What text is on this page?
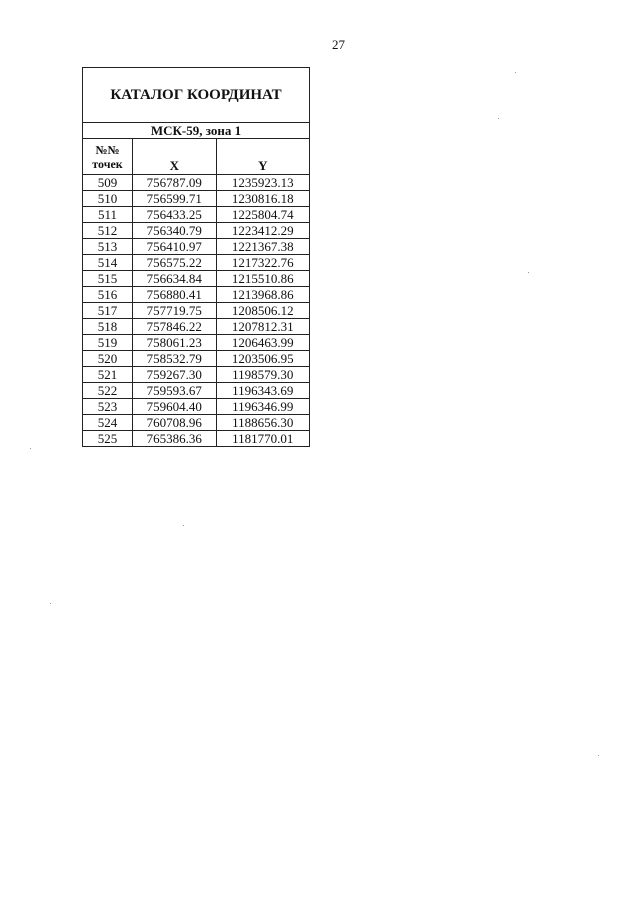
27
КАТАЛОГ КООРДИНАТ		
МСК-59, зона 1		

№№
точек	X	Y
509	756787.09	1235923.13
510	756599.71	1230816.18
511	756433.25	1225804.74
512	756340.79	1223412.29
513	756410.97	1221367.38
514	756575.22	1217322.76
515	756634.84	1215510.86
516	756880.41	1213968.86
517	757719.75	1208506.12
518	757846.22	1207812.31
519	758061.23	1206463.99
520	758532.79	1203506.95
521	759267.30	1198579.30
522	759593.67	1196343.69
523	759604.40	1196346.99
524	760708.96	1188656.30
525	765386.36	1181770.01
